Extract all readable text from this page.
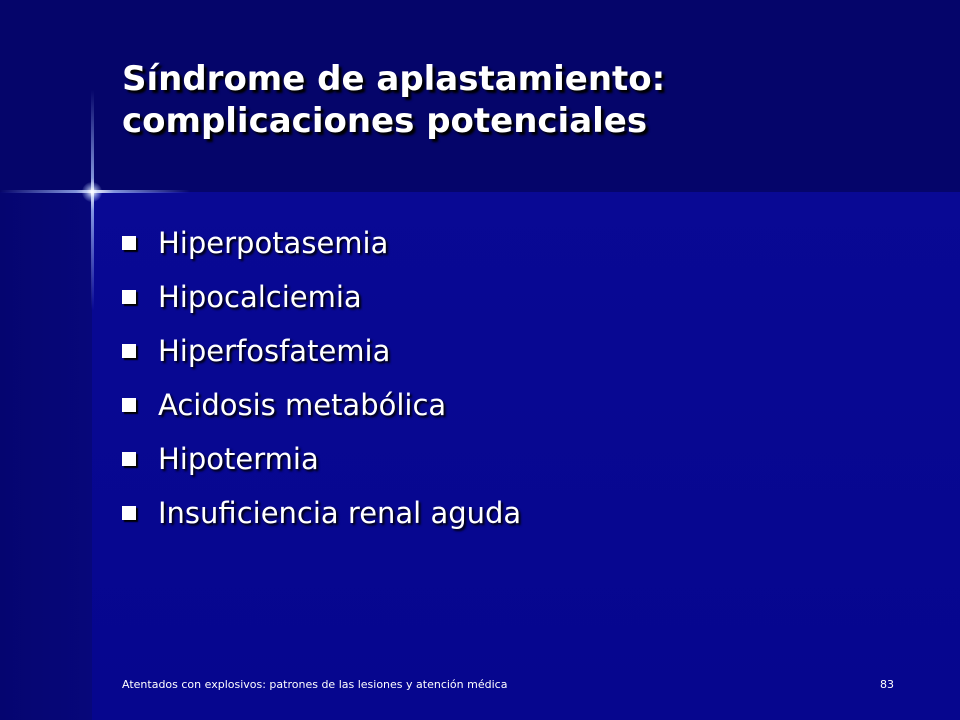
Síndrome de aplastamiento:
complicaciones potenciales
Hiperpotasemia
Hipocalciemia
Hiperfosfatemia
Acidosis metabólica
Hipotermia
Insuficiencia renal aguda
Atentados con explosivos: patrones de las lesiones y atención médica	83
